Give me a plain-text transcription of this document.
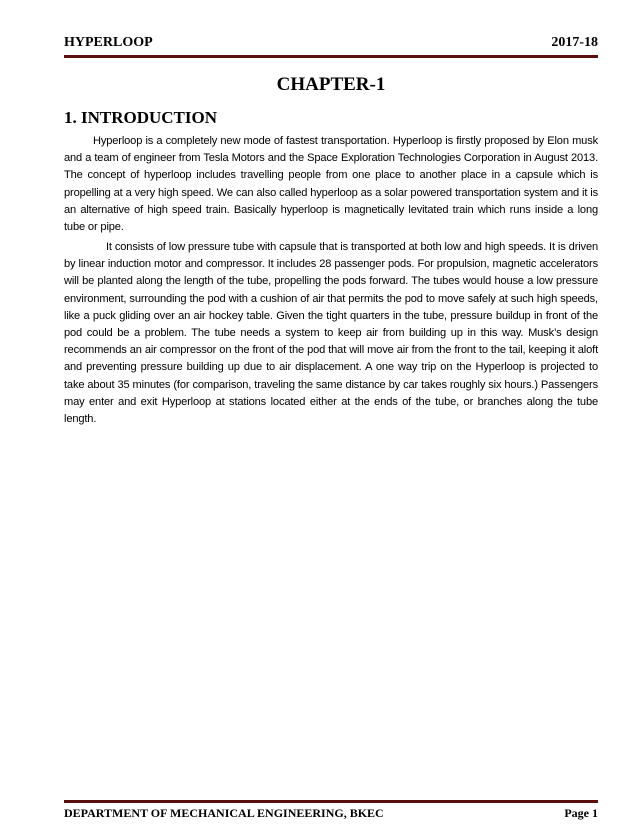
HYPERLOOP	2017-18
CHAPTER-1
1. INTRODUCTION

Hyperloop is a completely new mode of fastest transportation. Hyperloop is firstly proposed by Elon musk and a team of engineer from Tesla Motors and the Space Exploration Technologies Corporation in August 2013. The concept of hyperloop includes travelling people from one place to another place in a capsule which is propelling at a very high speed. We can also called hyperloop as a solar powered transportation system and it is an alternative of high speed train. Basically hyperloop is magnetically levitated train which runs inside a long tube or pipe.

It consists of low pressure tube with capsule that is transported at both low and high speeds. It is driven by linear induction motor and compressor. It includes 28 passenger pods. For propulsion, magnetic accelerators will be planted along the length of the tube, propelling the pods forward. The tubes would house a low pressure environment, surrounding the pod with a cushion of air that permits the pod to move safely at such high speeds, like a puck gliding over an air hockey table. Given the tight quarters in the tube, pressure buildup in front of the pod could be a problem. The tube needs a system to keep air from building up in this way. Musk’s design recommends an air compressor on the front of the pod that will move air from the front to the tail, keeping it aloft and preventing pressure building up due to air displacement. A one way trip on the Hyperloop is projected to take about 35 minutes (for comparison, traveling the same distance by car takes roughly six hours.) Passengers may enter and exit Hyperloop at stations located either at the ends of the tube, or branches along the tube length.

DEPARTMENT OF MECHANICAL ENGINEERING, BKEC	Page 1
